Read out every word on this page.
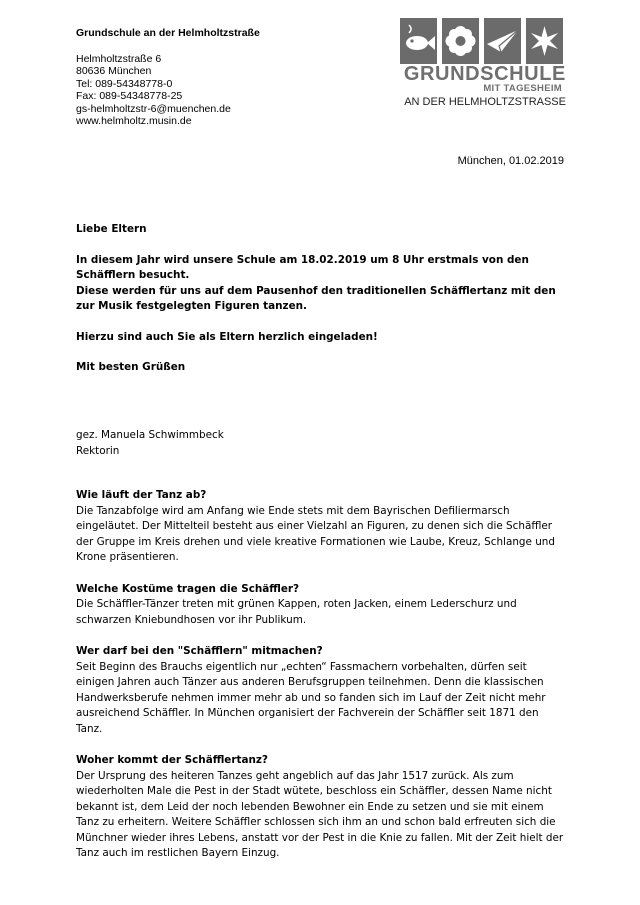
Grundschule an der Helmholtzstraße
Helmholtzstraße 6
80636 München
Tel: 089-54348778-0
Fax: 089-54348778-25
gs-helmholtzstr-6@muenchen.de
www.helmholtz.musin.de
GRUNDSCHULE
MIT TAGESHEIM
AN DER HELMHOLTZSTRASSE
München, 01.02.2019
Liebe Eltern
In diesem Jahr wird unsere Schule am 18.02.2019 um 8 Uhr erstmals von den Schäfflern besucht.
Diese werden für uns auf dem Pausenhof den traditionellen Schäfflertanz mit den zur Musik festgelegten Figuren tanzen.
Hierzu sind auch Sie als Eltern herzlich eingeladen!
Mit besten Grüßen
gez. Manuela Schwimmbeck
Rektorin
Wie läuft der Tanz ab?
Die Tanzabfolge wird am Anfang wie Ende stets mit dem Bayrischen Defiliermarsch eingeläutet. Der Mittelteil besteht aus einer Vielzahl an Figuren, zu denen sich die Schäffler der Gruppe im Kreis drehen und viele kreative Formationen wie Laube, Kreuz, Schlange und Krone präsentieren.
Welche Kostüme tragen die Schäffler?
Die Schäffler-Tänzer treten mit grünen Kappen, roten Jacken, einem Lederschurz und schwarzen Kniebundhosen vor ihr Publikum.
Wer darf bei den "Schäfflern" mitmachen?
Seit Beginn des Brauchs eigentlich nur „echten“ Fassmachern vorbehalten, dürfen seit einigen Jahren auch Tänzer aus anderen Berufsgruppen teilnehmen. Denn die klassischen Handwerksberufe nehmen immer mehr ab und so fanden sich im Lauf der Zeit nicht mehr ausreichend Schäffler. In München organisiert der Fachverein der Schäffler seit 1871 den Tanz.
Woher kommt der Schäfflertanz?
Der Ursprung des heiteren Tanzes geht angeblich auf das Jahr 1517 zurück. Als zum wiederholten Male die Pest in der Stadt wütete, beschloss ein Schäffler, dessen Name nicht bekannt ist, dem Leid der noch lebenden Bewohner ein Ende zu setzen und sie mit einem Tanz zu erheitern. Weitere Schäffler schlossen sich ihm an und schon bald erfreuten sich die Münchner wieder ihres Lebens, anstatt vor der Pest in die Knie zu fallen. Mit der Zeit hielt der Tanz auch im restlichen Bayern Einzug.
